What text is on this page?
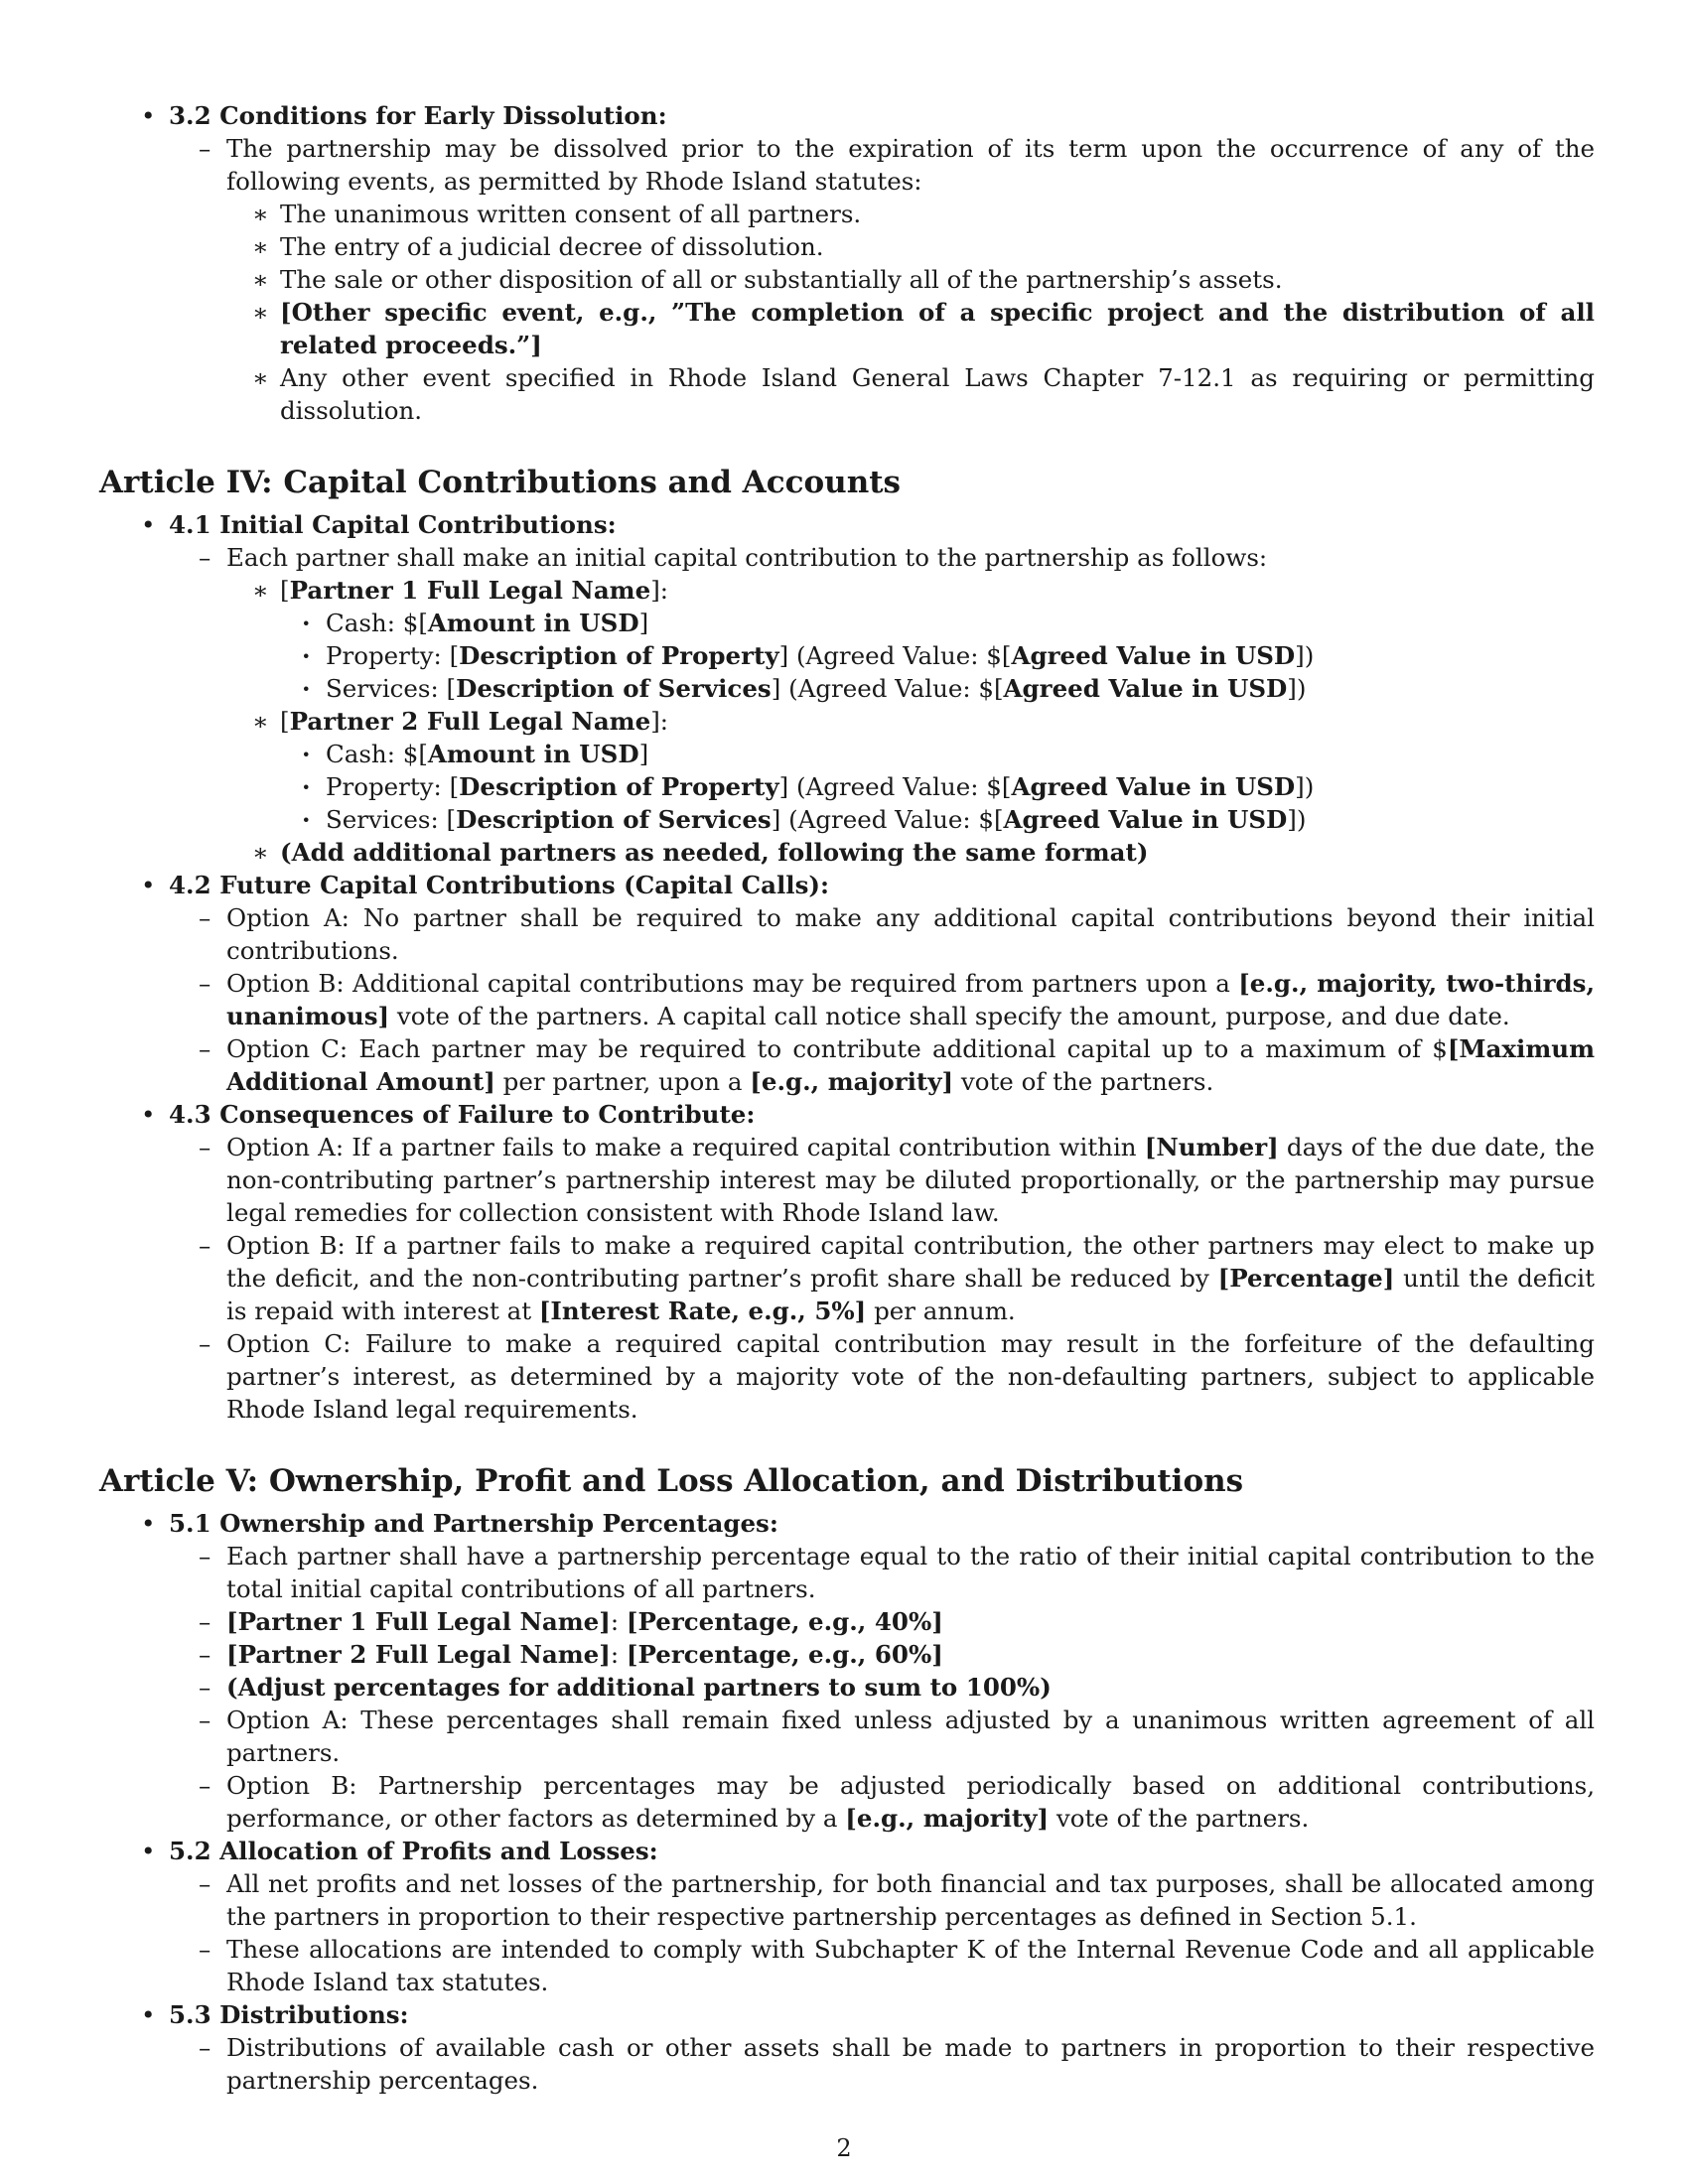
• 3.2 Conditions for Early Dissolution:
– The partnership may be dissolved prior to the expiration of its term upon the occurrence of any of the following events, as permitted by Rhode Island statutes:
∗ The unanimous written consent of all partners.
∗ The entry of a judicial decree of dissolution.
∗ The sale or other disposition of all or substantially all of the partnership’s assets.
∗ [Other specific event, e.g., ”The completion of a specific project and the distribution of all related proceeds.”]
∗ Any other event specified in Rhode Island General Laws Chapter 7-12.1 as requiring or permitting dissolution.
Article IV: Capital Contributions and Accounts
• 4.1 Initial Capital Contributions:
– Each partner shall make an initial capital contribution to the partnership as follows:
∗ [Partner 1 Full Legal Name]:
· Cash: $[Amount in USD]
· Property: [Description of Property] (Agreed Value: $[Agreed Value in USD])
· Services: [Description of Services] (Agreed Value: $[Agreed Value in USD])
∗ [Partner 2 Full Legal Name]:
· Cash: $[Amount in USD]
· Property: [Description of Property] (Agreed Value: $[Agreed Value in USD])
· Services: [Description of Services] (Agreed Value: $[Agreed Value in USD])
∗ (Add additional partners as needed, following the same format)
• 4.2 Future Capital Contributions (Capital Calls):
– Option A: No partner shall be required to make any additional capital contributions beyond their initial contributions.
– Option B: Additional capital contributions may be required from partners upon a [e.g., majority, two-thirds, unanimous] vote of the partners. A capital call notice shall specify the amount, purpose, and due date.
– Option C: Each partner may be required to contribute additional capital up to a maximum of $[Maximum Additional Amount] per partner, upon a [e.g., majority] vote of the partners.
• 4.3 Consequences of Failure to Contribute:
– Option A: If a partner fails to make a required capital contribution within [Number] days of the due date, the non-contributing partner’s partnership interest may be diluted proportionally, or the partnership may pursue legal remedies for collection consistent with Rhode Island law.
– Option B: If a partner fails to make a required capital contribution, the other partners may elect to make up the deficit, and the non-contributing partner’s profit share shall be reduced by [Percentage] until the deficit is repaid with interest at [Interest Rate, e.g., 5%] per annum.
– Option C: Failure to make a required capital contribution may result in the forfeiture of the defaulting partner’s interest, as determined by a majority vote of the non-defaulting partners, subject to applicable Rhode Island legal requirements.
Article V: Ownership, Profit and Loss Allocation, and Distributions
• 5.1 Ownership and Partnership Percentages:
– Each partner shall have a partnership percentage equal to the ratio of their initial capital contribution to the total initial capital contributions of all partners.
– [Partner 1 Full Legal Name]: [Percentage, e.g., 40%]
– [Partner 2 Full Legal Name]: [Percentage, e.g., 60%]
– (Adjust percentages for additional partners to sum to 100%)
– Option A: These percentages shall remain fixed unless adjusted by a unanimous written agreement of all partners.
– Option B: Partnership percentages may be adjusted periodically based on additional contributions, performance, or other factors as determined by a [e.g., majority] vote of the partners.
• 5.2 Allocation of Profits and Losses:
– All net profits and net losses of the partnership, for both financial and tax purposes, shall be allocated among the partners in proportion to their respective partnership percentages as defined in Section 5.1.
– These allocations are intended to comply with Subchapter K of the Internal Revenue Code and all applicable Rhode Island tax statutes.
• 5.3 Distributions:
– Distributions of available cash or other assets shall be made to partners in proportion to their respective partnership percentages.
2
